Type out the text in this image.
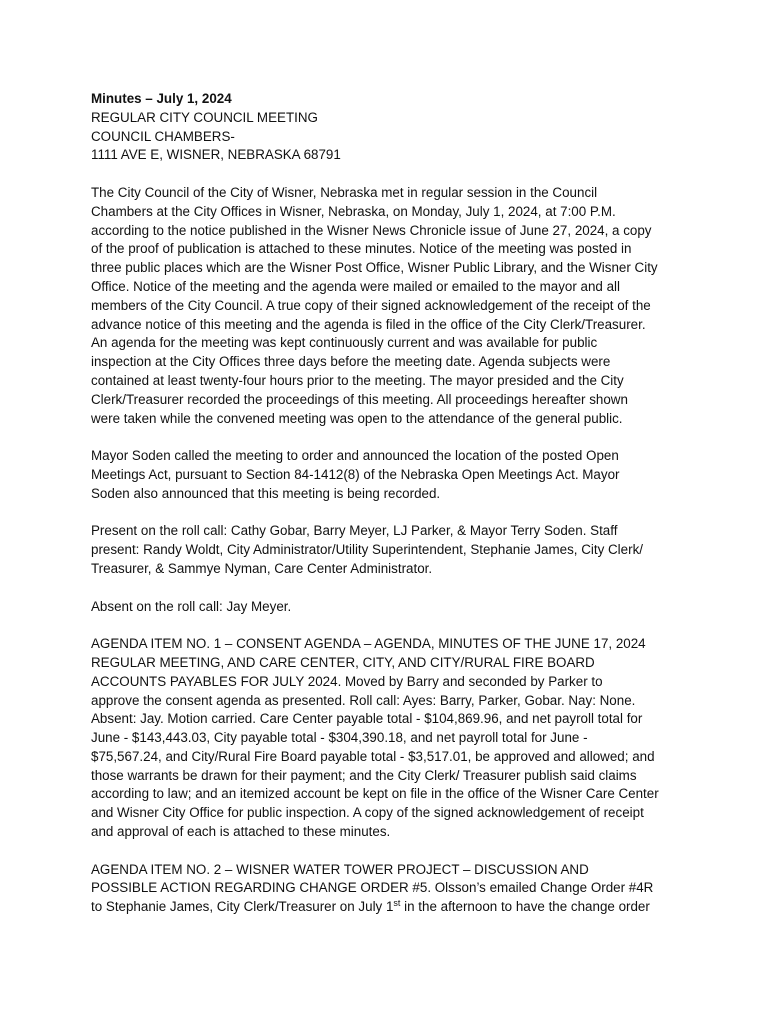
Minutes – July 1, 2024
REGULAR CITY COUNCIL MEETING
COUNCIL CHAMBERS-
1111 AVE E, WISNER, NEBRASKA 68791
The City Council of the City of Wisner, Nebraska met in regular session in the Council
Chambers at the City Offices in Wisner, Nebraska, on Monday, July 1, 2024, at 7:00 P.M.
according to the notice published in the Wisner News Chronicle issue of June 27, 2024, a copy
of the proof of publication is attached to these minutes. Notice of the meeting was posted in
three public places which are the Wisner Post Office, Wisner Public Library, and the Wisner City
Office. Notice of the meeting and the agenda were mailed or emailed to the mayor and all
members of the City Council. A true copy of their signed acknowledgement of the receipt of the
advance notice of this meeting and the agenda is filed in the office of the City Clerk/Treasurer.
An agenda for the meeting was kept continuously current and was available for public
inspection at the City Offices three days before the meeting date. Agenda subjects were
contained at least twenty-four hours prior to the meeting. The mayor presided and the City
Clerk/Treasurer recorded the proceedings of this meeting. All proceedings hereafter shown
were taken while the convened meeting was open to the attendance of the general public.
Mayor Soden called the meeting to order and announced the location of the posted Open
Meetings Act, pursuant to Section 84-1412(8) of the Nebraska Open Meetings Act. Mayor
Soden also announced that this meeting is being recorded.
Present on the roll call: Cathy Gobar, Barry Meyer, LJ Parker, & Mayor Terry Soden. Staff
present: Randy Woldt, City Administrator/Utility Superintendent, Stephanie James, City Clerk/
Treasurer, & Sammye Nyman, Care Center Administrator.
Absent on the roll call: Jay Meyer.
AGENDA ITEM NO. 1 – CONSENT AGENDA – AGENDA, MINUTES OF THE JUNE 17, 2024
REGULAR MEETING, AND CARE CENTER, CITY, AND CITY/RURAL FIRE BOARD
ACCOUNTS PAYABLES FOR JULY 2024. Moved by Barry and seconded by Parker to
approve the consent agenda as presented. Roll call: Ayes: Barry, Parker, Gobar. Nay: None.
Absent: Jay. Motion carried. Care Center payable total - $104,869.96, and net payroll total for
June - $143,443.03, City payable total - $304,390.18, and net payroll total for June -
$75,567.24, and City/Rural Fire Board payable total - $3,517.01, be approved and allowed; and
those warrants be drawn for their payment; and the City Clerk/ Treasurer publish said claims
according to law; and an itemized account be kept on file in the office of the Wisner Care Center
and Wisner City Office for public inspection. A copy of the signed acknowledgement of receipt
and approval of each is attached to these minutes.
AGENDA ITEM NO. 2 – WISNER WATER TOWER PROJECT – DISCUSSION AND
POSSIBLE ACTION REGARDING CHANGE ORDER #5. Olsson’s emailed Change Order #4R
to Stephanie James, City Clerk/Treasurer on July 1st in the afternoon to have the change order
